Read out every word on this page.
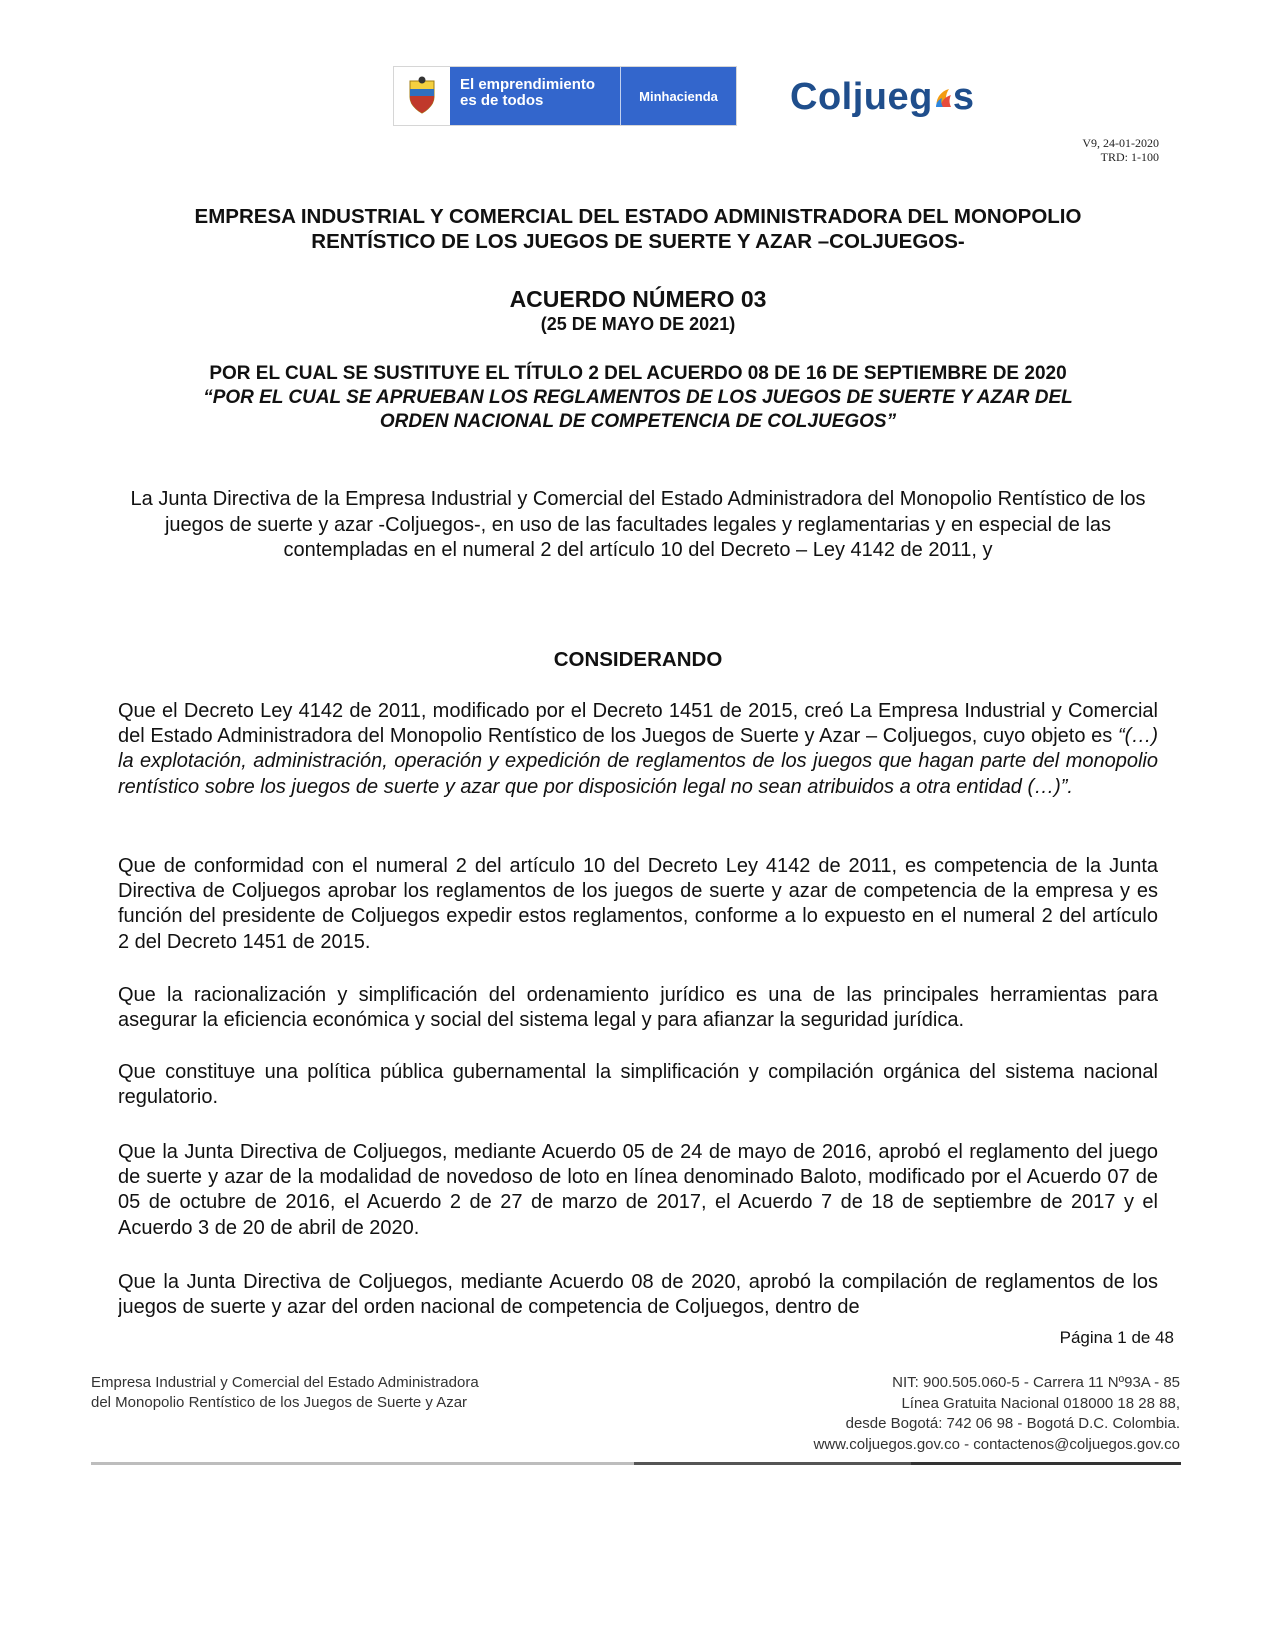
El emprendimiento
es de todos	Minhacienda	Coljueg s
V9, 24-01-2020
TRD: 1-100
EMPRESA INDUSTRIAL Y COMERCIAL DEL ESTADO ADMINISTRADORA DEL MONOPOLIO
RENTÍSTICO DE LOS JUEGOS DE SUERTE Y AZAR –COLJUEGOS-
ACUERDO NÚMERO 03
(25 DE MAYO DE 2021)
POR EL CUAL SE SUSTITUYE EL TÍTULO 2 DEL ACUERDO 08 DE 16 DE SEPTIEMBRE DE 2020
“POR EL CUAL SE APRUEBAN LOS REGLAMENTOS DE LOS JUEGOS DE SUERTE Y AZAR DEL
ORDEN NACIONAL DE COMPETENCIA DE COLJUEGOS”
La Junta Directiva de la Empresa Industrial y Comercial del Estado Administradora del Monopolio Rentístico de los juegos de suerte y azar -Coljuegos-, en uso de las facultades legales y reglamentarias y en especial de las contempladas en el numeral 2 del artículo 10 del Decreto – Ley 4142 de 2011, y
CONSIDERANDO

Que el Decreto Ley 4142 de 2011, modificado por el Decreto 1451 de 2015, creó La Empresa Industrial y Comercial del Estado Administradora del Monopolio Rentístico de los Juegos de Suerte y Azar – Coljuegos, cuyo objeto es “(…) la explotación, administración, operación y expedición de reglamentos de los juegos que hagan parte del monopolio rentístico sobre los juegos de suerte y azar que por disposición legal no sean atribuidos a otra entidad (…)”.

Que de conformidad con el numeral 2 del artículo 10 del Decreto Ley 4142 de 2011, es competencia de la Junta Directiva de Coljuegos aprobar los reglamentos de los juegos de suerte y azar de competencia de la empresa y es función del presidente de Coljuegos expedir estos reglamentos, conforme a lo expuesto en el numeral 2 del artículo 2 del Decreto 1451 de 2015.

Que la racionalización y simplificación del ordenamiento jurídico es una de las principales herramientas para asegurar la eficiencia económica y social del sistema legal y para afianzar la seguridad jurídica.

Que constituye una política pública gubernamental la simplificación y compilación orgánica del sistema nacional regulatorio.

Que la Junta Directiva de Coljuegos, mediante Acuerdo 05 de 24 de mayo de 2016, aprobó el reglamento del juego de suerte y azar de la modalidad de novedoso de loto en línea denominado Baloto, modificado por el Acuerdo 07 de 05 de octubre de 2016, el Acuerdo 2 de 27 de marzo de 2017, el Acuerdo 7 de 18 de septiembre de 2017 y el Acuerdo 3 de 20 de abril de 2020.

Que la Junta Directiva de Coljuegos, mediante Acuerdo 08 de 2020, aprobó la compilación de reglamentos de los juegos de suerte y azar del orden nacional de competencia de Coljuegos, dentro de

Página 1 de 48
Empresa Industrial y Comercial del Estado Administradora
del Monopolio Rentístico de los Juegos de Suerte y Azar
NIT: 900.505.060-5 - Carrera 11 Nº93A - 85
Línea Gratuita Nacional 018000 18 28 88,
desde Bogotá: 742 06 98 - Bogotá D.C. Colombia.
www.coljuegos.gov.co - contactenos@coljuegos.gov.co
